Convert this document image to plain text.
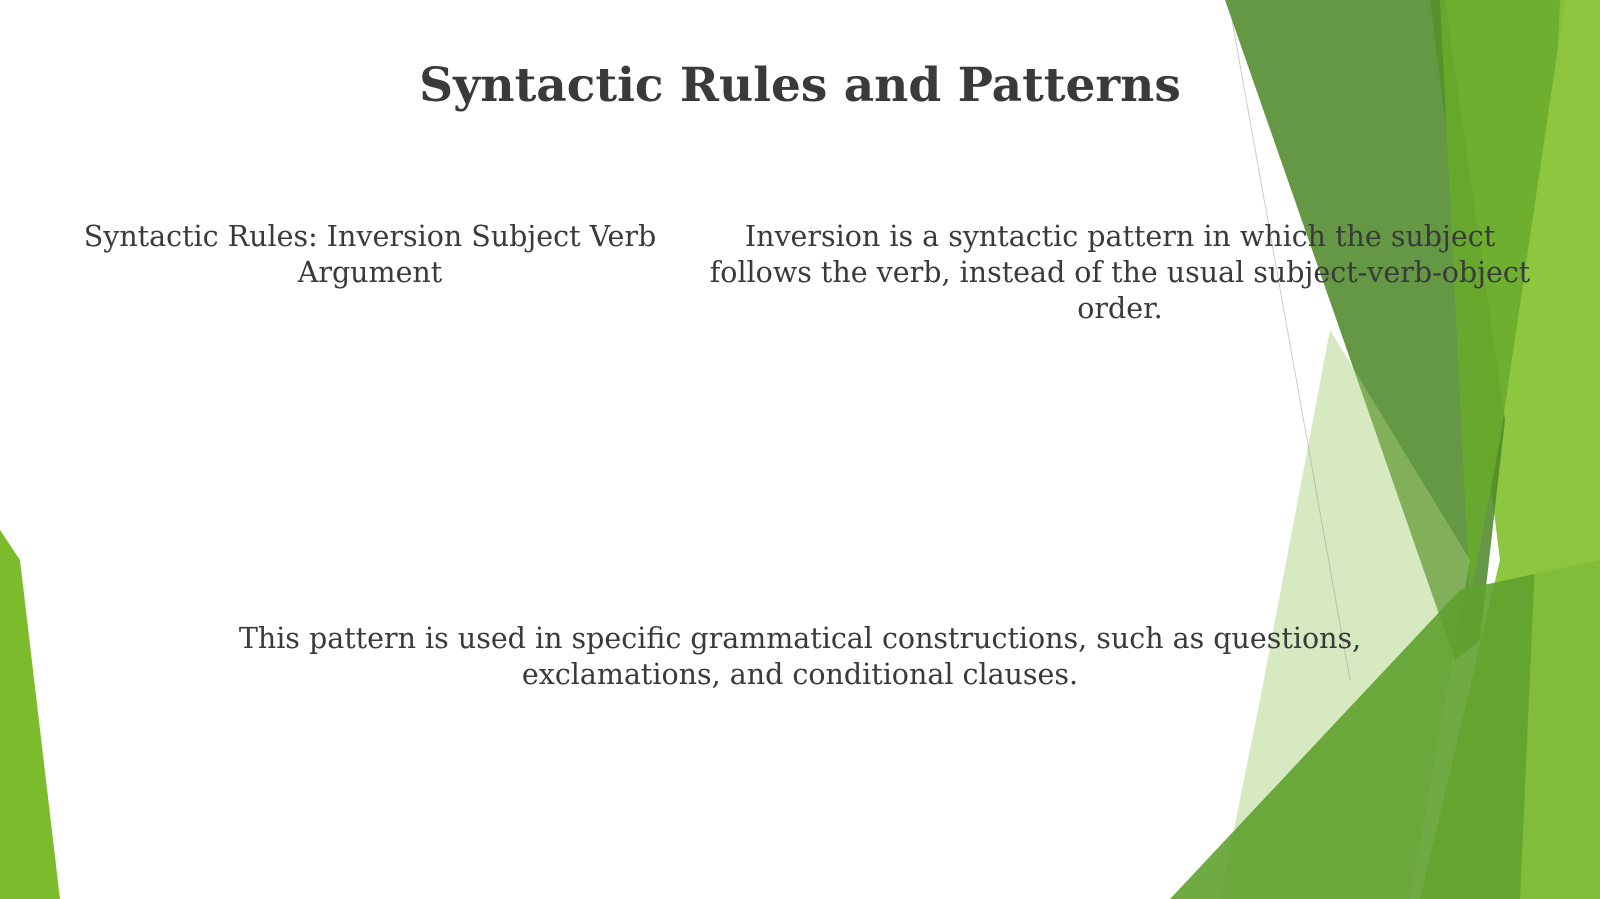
Syntactic Rules and Patterns
Syntactic Rules: Inversion Subject Verb Argument
Inversion is a syntactic pattern in which the subject follows the verb, instead of the usual subject-verb-object order.
This pattern is used in specific grammatical constructions, such as questions, exclamations, and conditional clauses.
